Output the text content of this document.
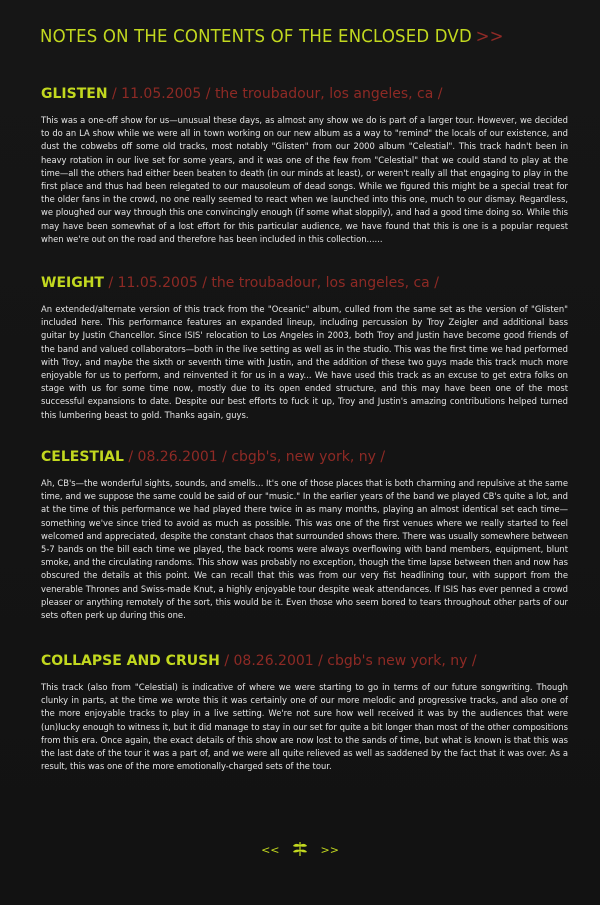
NOTES ON THE CONTENTS OF THE ENCLOSED DVD >>
GLISTEN / 11.05.2005 / the troubadour, los angeles, ca /
This was a one-off show for us—unusual these days, as almost any show we do is part of a larger tour. However, we decided to do an LA show while we were all in town working on our new album as a way to "remind" the locals of our existence, and dust the cobwebs off some old tracks, most notably "Glisten" from our 2000 album "Celestial". This track hadn't been in heavy rotation in our live set for some years, and it was one of the few from "Celestial" that we could stand to play at the time—all the others had either been beaten to death (in our minds at least), or weren't really all that engaging to play in the first place and thus had been relegated to our mausoleum of dead songs. While we figured this might be a special treat for the older fans in the crowd, no one really seemed to react when we launched into this one, much to our dismay. Regardless, we ploughed our way through this one convincingly enough (if some what sloppily), and had a good time doing so. While this may have been somewhat of a lost effort for this particular audience, we have found that this is one is a popular request when we're out on the road and therefore has been included in this collection......
WEIGHT / 11.05.2005 / the troubadour, los angeles, ca /
An extended/alternate version of this track from the "Oceanic" album, culled from the same set as the version of "Glisten" included here. This performance features an expanded lineup, including percussion by Troy Zeigler and additional bass guitar by Justin Chancellor. Since ISIS' relocation to Los Angeles in 2003, both Troy and Justin have become good friends of the band and valued collaborators—both in the live setting as well as in the studio. This was the first time we had performed with Troy, and maybe the sixth or seventh time with Justin, and the addition of these two guys made this track much more enjoyable for us to perform, and reinvented it for us in a way... We have used this track as an excuse to get extra folks on stage with us for some time now, mostly due to its open ended structure, and this may have been one of the most successful expansions to date. Despite our best efforts to fuck it up, Troy and Justin's amazing contributions helped turned this lumbering beast to gold. Thanks again, guys.
CELESTIAL / 08.26.2001 / cbgb's, new york, ny /
Ah, CB's—the wonderful sights, sounds, and smells... It's one of those places that is both charming and repulsive at the same time, and we suppose the same could be said of our "music." In the earlier years of the band we played CB's quite a lot, and at the time of this performance we had played there twice in as many months, playing an almost identical set each time—something we've since tried to avoid as much as possible. This was one of the first venues where we really started to feel welcomed and appreciated, despite the constant chaos that surrounded shows there. There was usually somewhere between 5-7 bands on the bill each time we played, the back rooms were always overflowing with band members, equipment, blunt smoke, and the circulating randoms. This show was probably no exception, though the time lapse between then and now has obscured the details at this point. We can recall that this was from our very fist headlining tour, with support from the venerable Thrones and Swiss-made Knut, a highly enjoyable tour despite weak attendances. If ISIS has ever penned a crowd pleaser or anything remotely of the sort, this would be it. Even those who seem bored to tears throughout other parts of our sets often perk up during this one.
COLLAPSE AND CRUSH / 08.26.2001 / cbgb's new york, ny /
This track (also from "Celestial) is indicative of where we were starting to go in terms of our future songwriting. Though clunky in parts, at the time we wrote this it was certainly one of our more melodic and progressive tracks, and also one of the more enjoyable tracks to play in a live setting. We're not sure how well received it was by the audiences that were (un)lucky enough to witness it, but it did manage to stay in our set for quite a bit longer than most of the other compositions from this era. Once again, the exact details of this show are now lost to the sands of time, but what is known is that this was the last date of the tour it was a part of, and we were all quite relieved as well as saddened by the fact that it was over. As a result, this was one of the more emotionally-charged sets of the tour.
<<	>>
